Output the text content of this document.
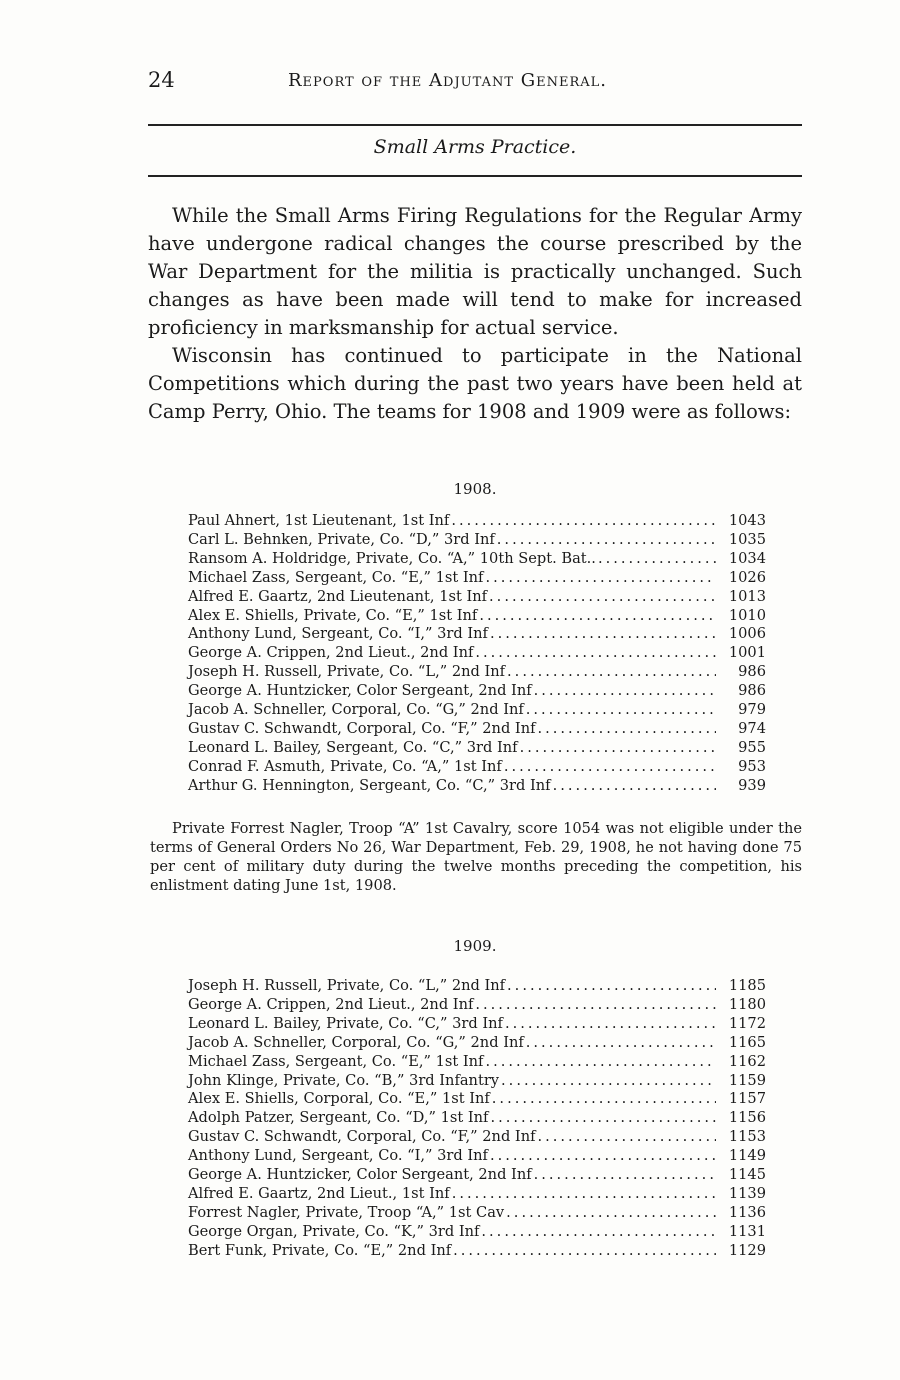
24	Report of the Adjutant General.
Small Arms Practice.

While the Small Arms Firing Regulations for the Regular Army have undergone radical changes the course prescribed by the War Department for the militia is practically unchanged. Such changes as have been made will tend to make for increased proficiency in marksmanship for actual service.

Wisconsin has continued to participate in the National Competitions which during the past two years have been held at Camp Perry, Ohio. The teams for 1908 and 1909 were as follows:

1908.
Paul Ahnert, 1st Lieutenant, 1st Inf .....	1043
Carl L. Behnken, Private, Co. “D,” 3rd Inf .....	1035
Ransom A. Holdridge, Private, Co. “A,” 10th Sept. Bat.. .....	1034
Michael Zass, Sergeant, Co. “E,” 1st Inf .....	1026
Alfred E. Gaartz, 2nd Lieutenant, 1st Inf .....	1013
Alex E. Shiells, Private, Co. “E,” 1st Inf .....	1010
Anthony Lund, Sergeant, Co. “I,” 3rd Inf .....	1006
George A. Crippen, 2nd Lieut., 2nd Inf .....	1001
Joseph H. Russell, Private, Co. “L,” 2nd Inf .....	986
George A. Huntzicker, Color Sergeant, 2nd Inf .....	986
Jacob A. Schneller, Corporal, Co. “G,” 2nd Inf .....	979
Gustav C. Schwandt, Corporal, Co. “F,” 2nd Inf .....	974
Leonard L. Bailey, Sergeant, Co. “C,” 3rd Inf .....	955
Conrad F. Asmuth, Private, Co. “A,” 1st Inf .....	953
Arthur G. Hennington, Sergeant, Co. “C,” 3rd Inf .....	939
Private Forrest Nagler, Troop “A” 1st Cavalry, score 1054 was not eligible under the terms of General Orders No 26, War Department, Feb. 29, 1908, he not having done 75 per cent of military duty during the twelve months preceding the competition, his enlistment dating June 1st, 1908.
1909.
Joseph H. Russell, Private, Co. “L,” 2nd Inf .....	1185
George A. Crippen, 2nd Lieut., 2nd Inf .....	1180
Leonard L. Bailey, Private, Co. “C,” 3rd Inf .....	1172
Jacob A. Schneller, Corporal, Co. “G,” 2nd Inf .....	1165
Michael Zass, Sergeant, Co. “E,” 1st Inf .....	1162
John Klinge, Private, Co. “B,” 3rd Infantry .....	1159
Alex E. Shiells, Corporal, Co. “E,” 1st Inf .....	1157
Adolph Patzer, Sergeant, Co. “D,” 1st Inf .....	1156
Gustav C. Schwandt, Corporal, Co. “F,” 2nd Inf .....	1153
Anthony Lund, Sergeant, Co. “I,” 3rd Inf .....	1149
George A. Huntzicker, Color Sergeant, 2nd Inf .....	1145
Alfred E. Gaartz, 2nd Lieut., 1st Inf .....	1139
Forrest Nagler, Private, Troop “A,” 1st Cav .....	1136
George Organ, Private, Co. “K,” 3rd Inf .....	1131
Bert Funk, Private, Co. “E,” 2nd Inf .....	1129
